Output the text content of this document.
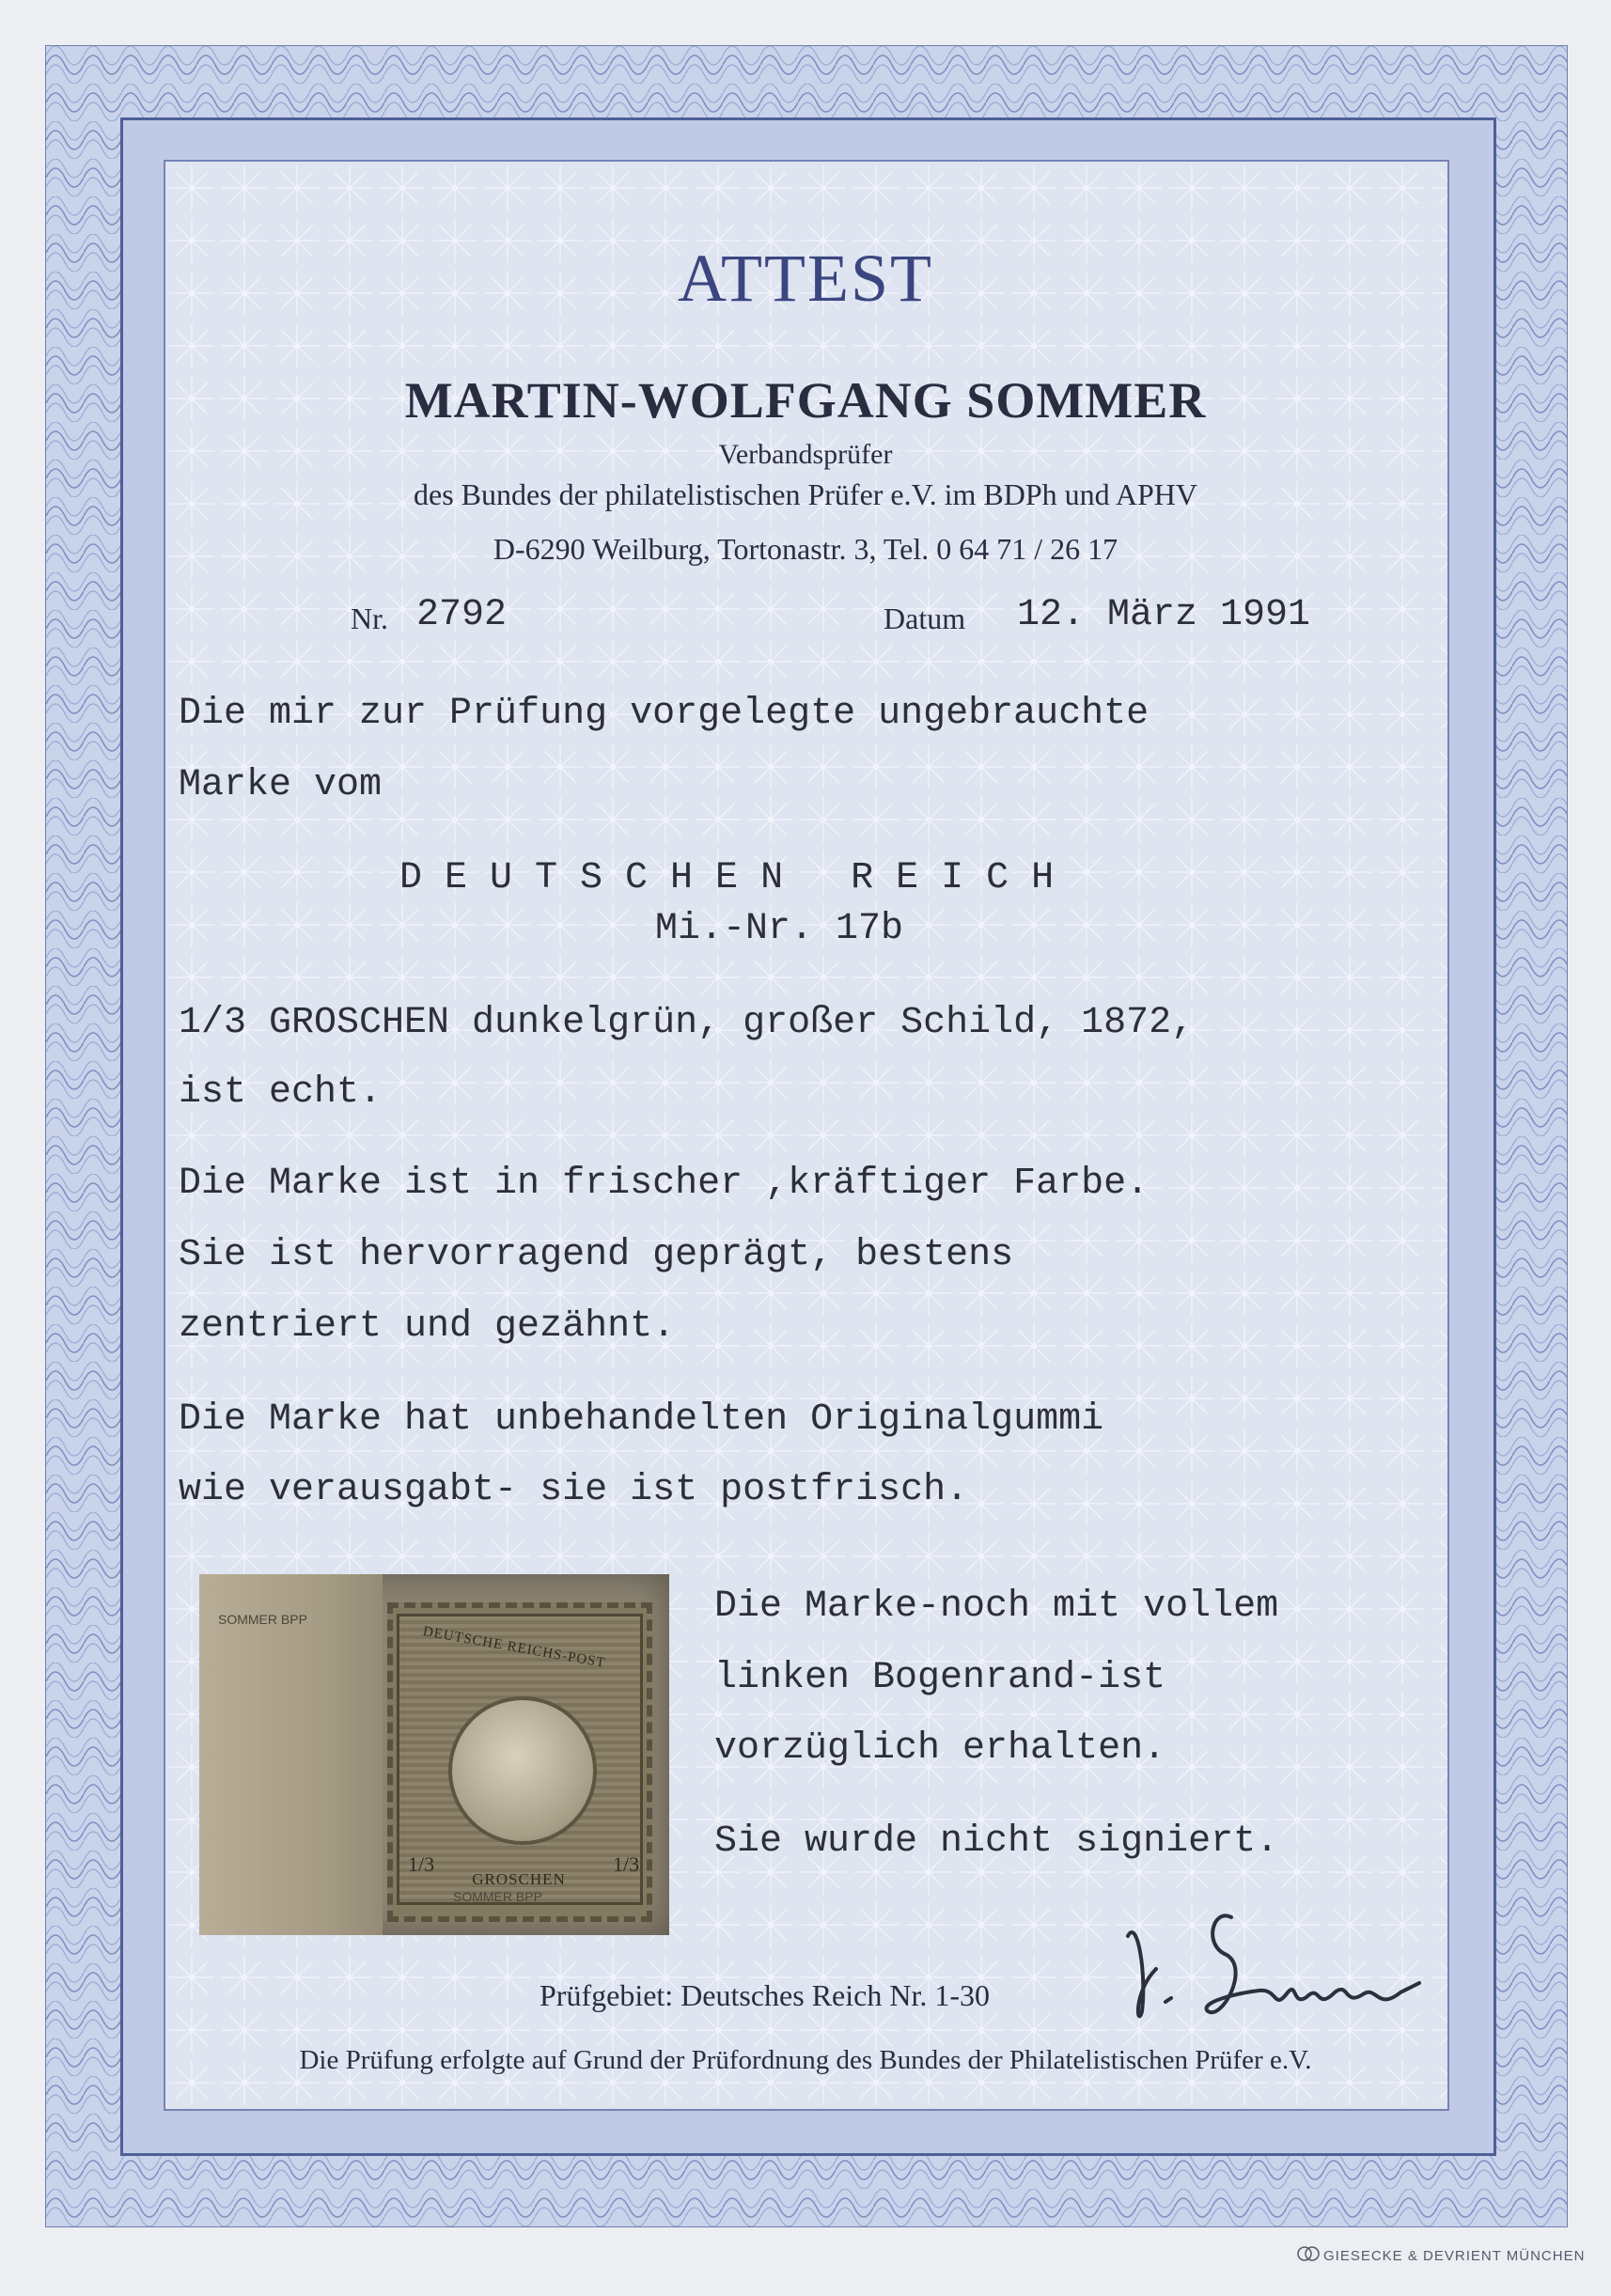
ATTEST
MARTIN-WOLFGANG SOMMER
Verbandsprüfer
des Bundes der philatelistischen Prüfer e.V. im BDPh und APHV
D-6290 Weilburg, Tortonastr. 3, Tel. 0 64 71 / 26 17
Nr. 2792	Datum 12. März 1991
Die mir zur Prüfung vorgelegte ungebrauchte
Marke vom
D E U T S C H E N   R E I C H
Mi.-Nr. 17b
1/3 GROSCHEN dunkelgrün, großer Schild, 1872,
ist echt.
Die Marke ist in frischer ,kräftiger Farbe.
Sie ist hervorragend geprägt, bestens
zentriert und gezähnt.
Die Marke hat unbehandelten Originalgummi
wie verausgabt- sie ist postfrisch.
Die Marke-noch mit vollem
linken Bogenrand-ist
vorzüglich erhalten.
Sie wurde nicht signiert.
DEUTSCHE REICHS-POST
GROSCHEN
1/3	1/3
SOMMER BPP
SOMMER BPP
Prüfgebiet: Deutsches Reich Nr. 1-30
Die Prüfung erfolgte auf Grund der Prüfordnung des Bundes der Philatelistischen Prüfer e.V.
GIESECKE & DEVRIENT MÜNCHEN
